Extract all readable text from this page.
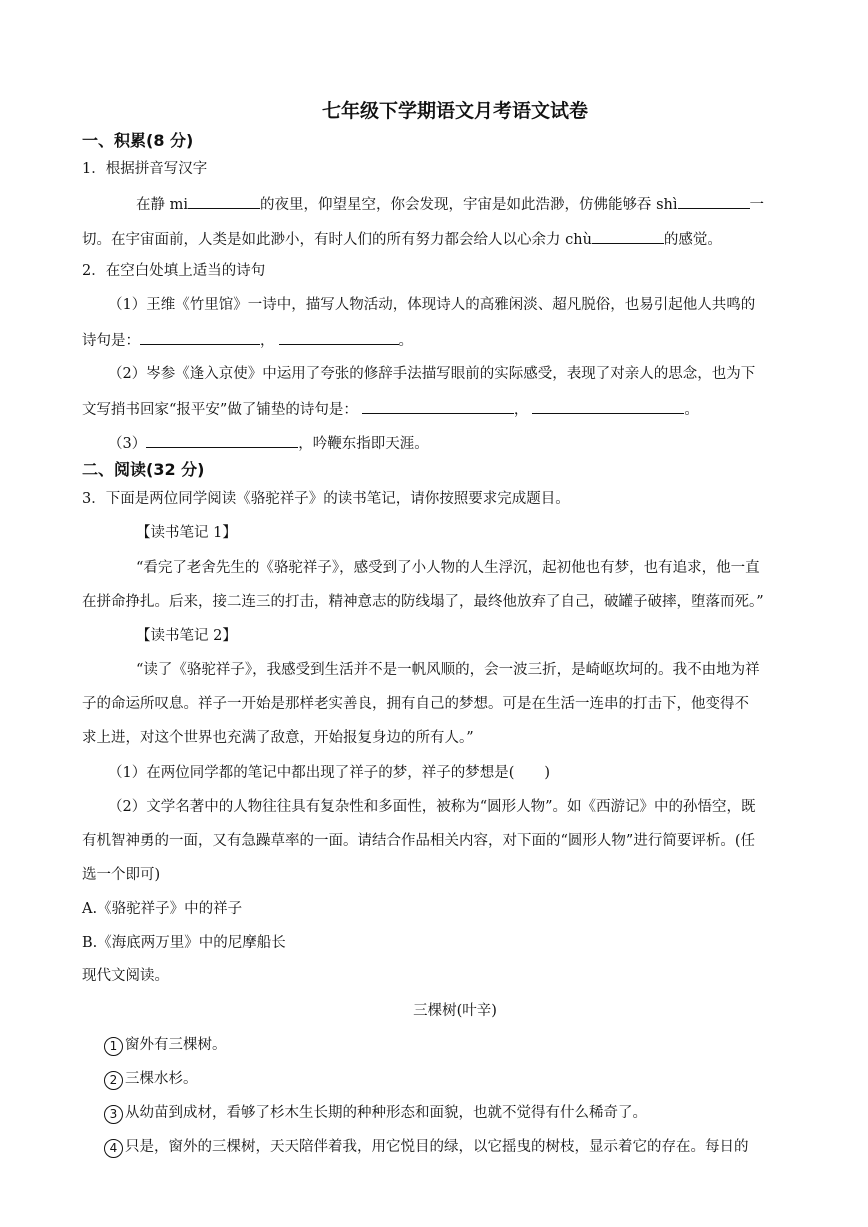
七年级下学期语文月考语文试卷
一、积累(8 分)
1．根据拼音写汉字
在静 mi	的夜里，仰望星空，你会发现，宇宙是如此浩渺，仿佛能够吞 shì	一
切。在宇宙面前，人类是如此渺小，有时人们的所有努力都会给人以心余力 chù	的感觉。
2．在空白处填上适当的诗句
（1）王维《竹里馆》一诗中，描写人物活动，体现诗人的高雅闲淡、超凡脱俗，也易引起他人共鸣的
诗句是：	，	。
（2）岑参《逢入京使》中运用了夸张的修辞手法描写眼前的实际感受，表现了对亲人的思念，也为下
文写捎书回家“报平安”做了铺垫的诗句是：	，	。
（3）	，吟鞭东指即天涯。
二、阅读(32 分)
3．下面是两位同学阅读《骆驼祥子》的读书笔记，请你按照要求完成题目。
【读书笔记 1】
“看完了老舍先生的《骆驼祥子》，感受到了小人物的人生浮沉，起初他也有梦，也有追求，他一直
在拼命挣扎。后来，接二连三的打击，精神意志的防线塌了，最终他放弃了自己，破罐子破摔，堕落而死。”
【读书笔记 2】
“读了《骆驼祥子》，我感受到生活并不是一帆风顺的，会一波三折，是崎岖坎坷的。我不由地为祥
子的命运所叹息。祥子一开始是那样老实善良，拥有自己的梦想。可是在生活一连串的打击下，他变得不
求上进，对这个世界也充满了敌意，开始报复身边的所有人。”
（1）在两位同学都的笔记中都出现了祥子的梦，祥子的梦想是( )
（2）文学名著中的人物往往具有复杂性和多面性，被称为“圆形人物”。如《西游记》中的孙悟空，既
有机智神勇的一面，又有急躁草率的一面。请结合作品相关内容，对下面的“圆形人物”进行简要评析。(任
选一个即可)
A.《骆驼祥子》中的祥子
B.《海底两万里》中的尼摩船长
现代文阅读。
三棵树(叶辛)
1 窗外有三棵树。
2 三棵水杉。
3 从幼苗到成材，看够了杉木生长期的种种形态和面貌，也就不觉得有什么稀奇了。
4 只是，窗外的三棵树，天天陪伴着我，用它悦目的绿，以它摇曳的树枝，显示着它的存在。每日的
